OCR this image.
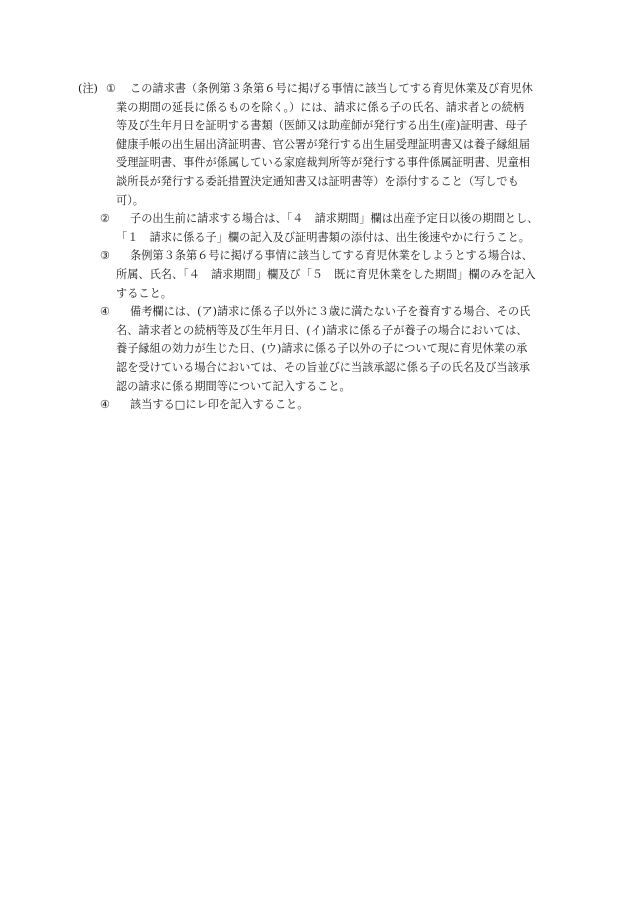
(注) ①	この請求書（条例第３条第６号に掲げる事情に該当してする育児休業及び育児休
業の期間の延長に係るものを除く。）には、請求に係る子の氏名、請求者との続柄
等及び生年月日を証明する書類（医師又は助産師が発行する出生(産)証明書、母子
健康手帳の出生届出済証明書、官公署が発行する出生届受理証明書又は養子縁組届
受理証明書、事件が係属している家庭裁判所等が発行する事件係属証明書、児童相
談所長が発行する委託措置決定通知書又は証明書等）を添付すること（写しでも
可）。
②	子の出生前に請求する場合は、「４　請求期間」欄は出産予定日以後の期間とし、
「１　請求に係る子」欄の記入及び証明書類の添付は、出生後速やかに行うこと。
③	条例第３条第６号に掲げる事情に該当してする育児休業をしようとする場合は、
所属、氏名、「４　請求期間」欄及び「５　既に育児休業をした期間」欄のみを記入
すること。
④	備考欄には、(ア)請求に係る子以外に３歳に満たない子を養育する場合、その氏
名、請求者との続柄等及び生年月日、(イ)請求に係る子が養子の場合においては、
養子縁組の効力が生じた日、(ウ)請求に係る子以外の子について現に育児休業の承
認を受けている場合においては、その旨並びに当該承認に係る子の氏名及び当該承
認の請求に係る期間等について記入すること。
④	該当する□にレ印を記入すること。
